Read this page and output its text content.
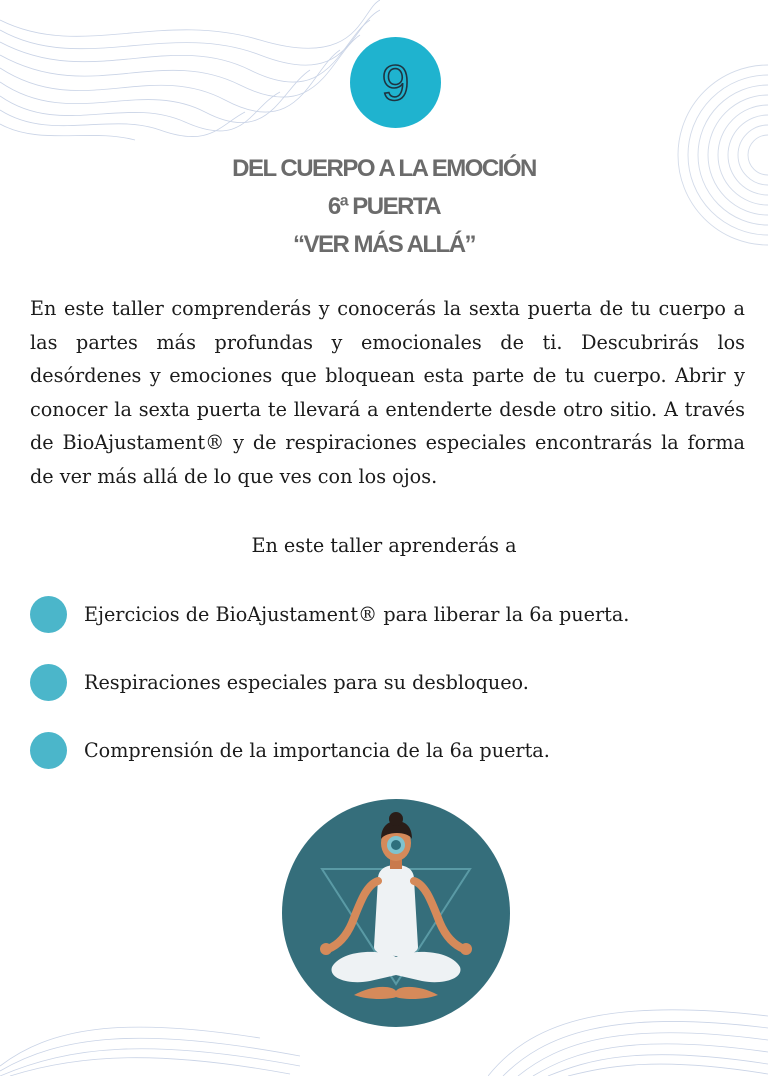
9
DEL CUERPO A LA EMOCIÓN
6ª PUERTA
“VER MÁS ALLÁ”

En este taller comprenderás y conocerás la sexta puerta de tu cuerpo a las partes más profundas y emocionales de ti. Descubrirás los desórdenes y emociones que bloquean esta parte de tu cuerpo. Abrir y conocer la sexta puerta te llevará a entenderte desde otro sitio. A través de BioAjustament® y de respiraciones especiales encontrarás la forma de ver más allá de lo que ves con los ojos.

En este taller aprenderás a
Ejercicios de BioAjustament® para liberar la 6a puerta.
Respiraciones especiales para su desbloqueo.
Comprensión de la importancia de la 6a puerta.
